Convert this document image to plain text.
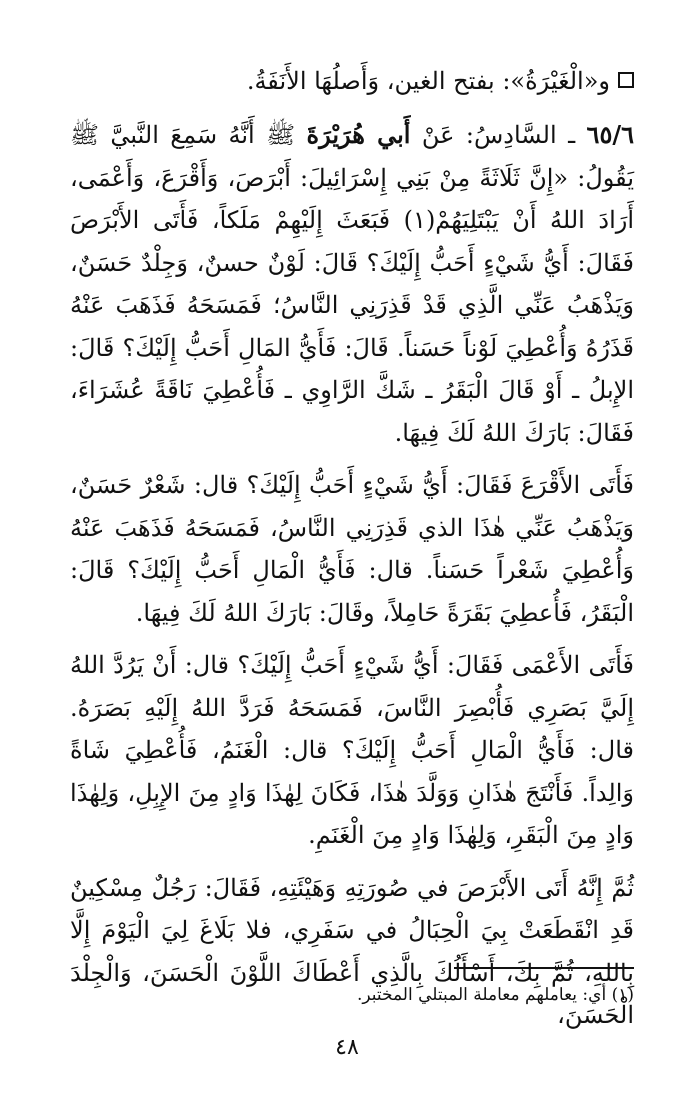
و«الْغَيْرَةُ»: بفتح الغين، وَأَصلُهَا الأَنَفَةُ.

٦٥/٦ ـ السَّادِسُ: عَنْ أَبي هُرَيْرَةَ ﷺ أَنَّهُ سَمِعَ النَّبيَّ ﷺ يَقُولُ: «إِنَّ ثَلَاثَةً مِنْ بَنِي إِسْرَائِيلَ: أَبْرَصَ، وَأَقْرَعَ، وَأَعْمَى، أَرَادَ اللهُ أَنْ يَبْتَلِيَهُمْ(١) فَبَعَثَ إِلَيْهِمْ مَلَكاً، فَأَتَى الأَبْرَصَ فَقَالَ: أَيُّ شَيْءٍ أَحَبُّ إِلَيْكَ؟ قَالَ: لَوْنٌ حسنٌ، وَجِلْدٌ حَسَنٌ، وَيَذْهَبُ عَنِّي الَّذِي قَدْ قَذِرَنِي النَّاسُ؛ فَمَسَحَهُ فَذَهَبَ عَنْهُ قَذَرُهُ وَأُعْطِيَ لَوْناً حَسَناً. قَالَ: فَأَيُّ المَالِ أَحَبُّ إِلَيْكَ؟ قَالَ: الإِبلُ ـ أَوْ قَالَ الْبَقَرُ ـ شَكَّ الرَّاوِي ـ فَأُعْطِيَ نَاقَةً عُشَرَاءَ، فَقَالَ: بَارَكَ اللهُ لَكَ فِيهَا.

فَأَتَى الأَقْرَعَ فَقَالَ: أَيُّ شَيْءٍ أَحَبُّ إِلَيْكَ؟ قال: شَعْرٌ حَسَنٌ، وَيَذْهَبُ عَنِّي هٰذَا الذي قَذِرَنِي النَّاسُ، فَمَسَحَهُ فَذَهَبَ عَنْهُ وَأُعْطِيَ شَعْراً حَسَناً. قال: فَأَيُّ الْمَالِ أَحَبُّ إِلَيْكَ؟ قَالَ: الْبَقَرُ، فَأُعطِيَ بَقَرَةً حَامِلاً، وقَالَ: بَارَكَ اللهُ لَكَ فِيهَا.

فَأَتَى الأَعْمَى فَقَالَ: أَيُّ شَيْءٍ أَحَبُّ إِلَيْكَ؟ قال: أَنْ يَرُدَّ اللهُ إِلَيَّ بَصَرِي فَأُبْصِرَ النَّاسَ، فَمَسَحَهُ فَرَدَّ اللهُ إِلَيْهِ بَصَرَهُ. قال: فَأَيُّ الْمَالِ أَحَبُّ إِلَيْكَ؟ قال: الْغَنَمُ، فَأُعْطِيَ شَاةً وَالِداً. فَأَنْتَجَ هٰذَانِ وَوَلَّدَ هٰذَا، فَكَانَ لِهٰذَا وَادٍ مِنَ الإِبِلِ، وَلِهٰذَا وَادٍ مِنَ الْبَقَرِ، وَلِهٰذَا وَادٍ مِنَ الْغَنَمِ.

ثُمَّ إِنَّهُ أَتَى الأَبْرَصَ في صُورَتِهِ وَهَيْئَتِهِ، فَقَالَ: رَجُلٌ مِسْكِينٌ قَدِ انْقَطَعَتْ بِيَ الْحِبَالُ في سَفَرِي، فلا بَلَاغَ لِيَ الْيَوْمَ إِلَّا بِاللهِ، ثُمَّ بِكَ، أَسْأَلُكَ بِالَّذِي أَعْطَاكَ اللَّوْنَ الْحَسَنَ، وَالْجِلْدَ الْحَسَنَ،

(١) أي: يعاملهم معاملة المبتلي المختبر.

٤٨
